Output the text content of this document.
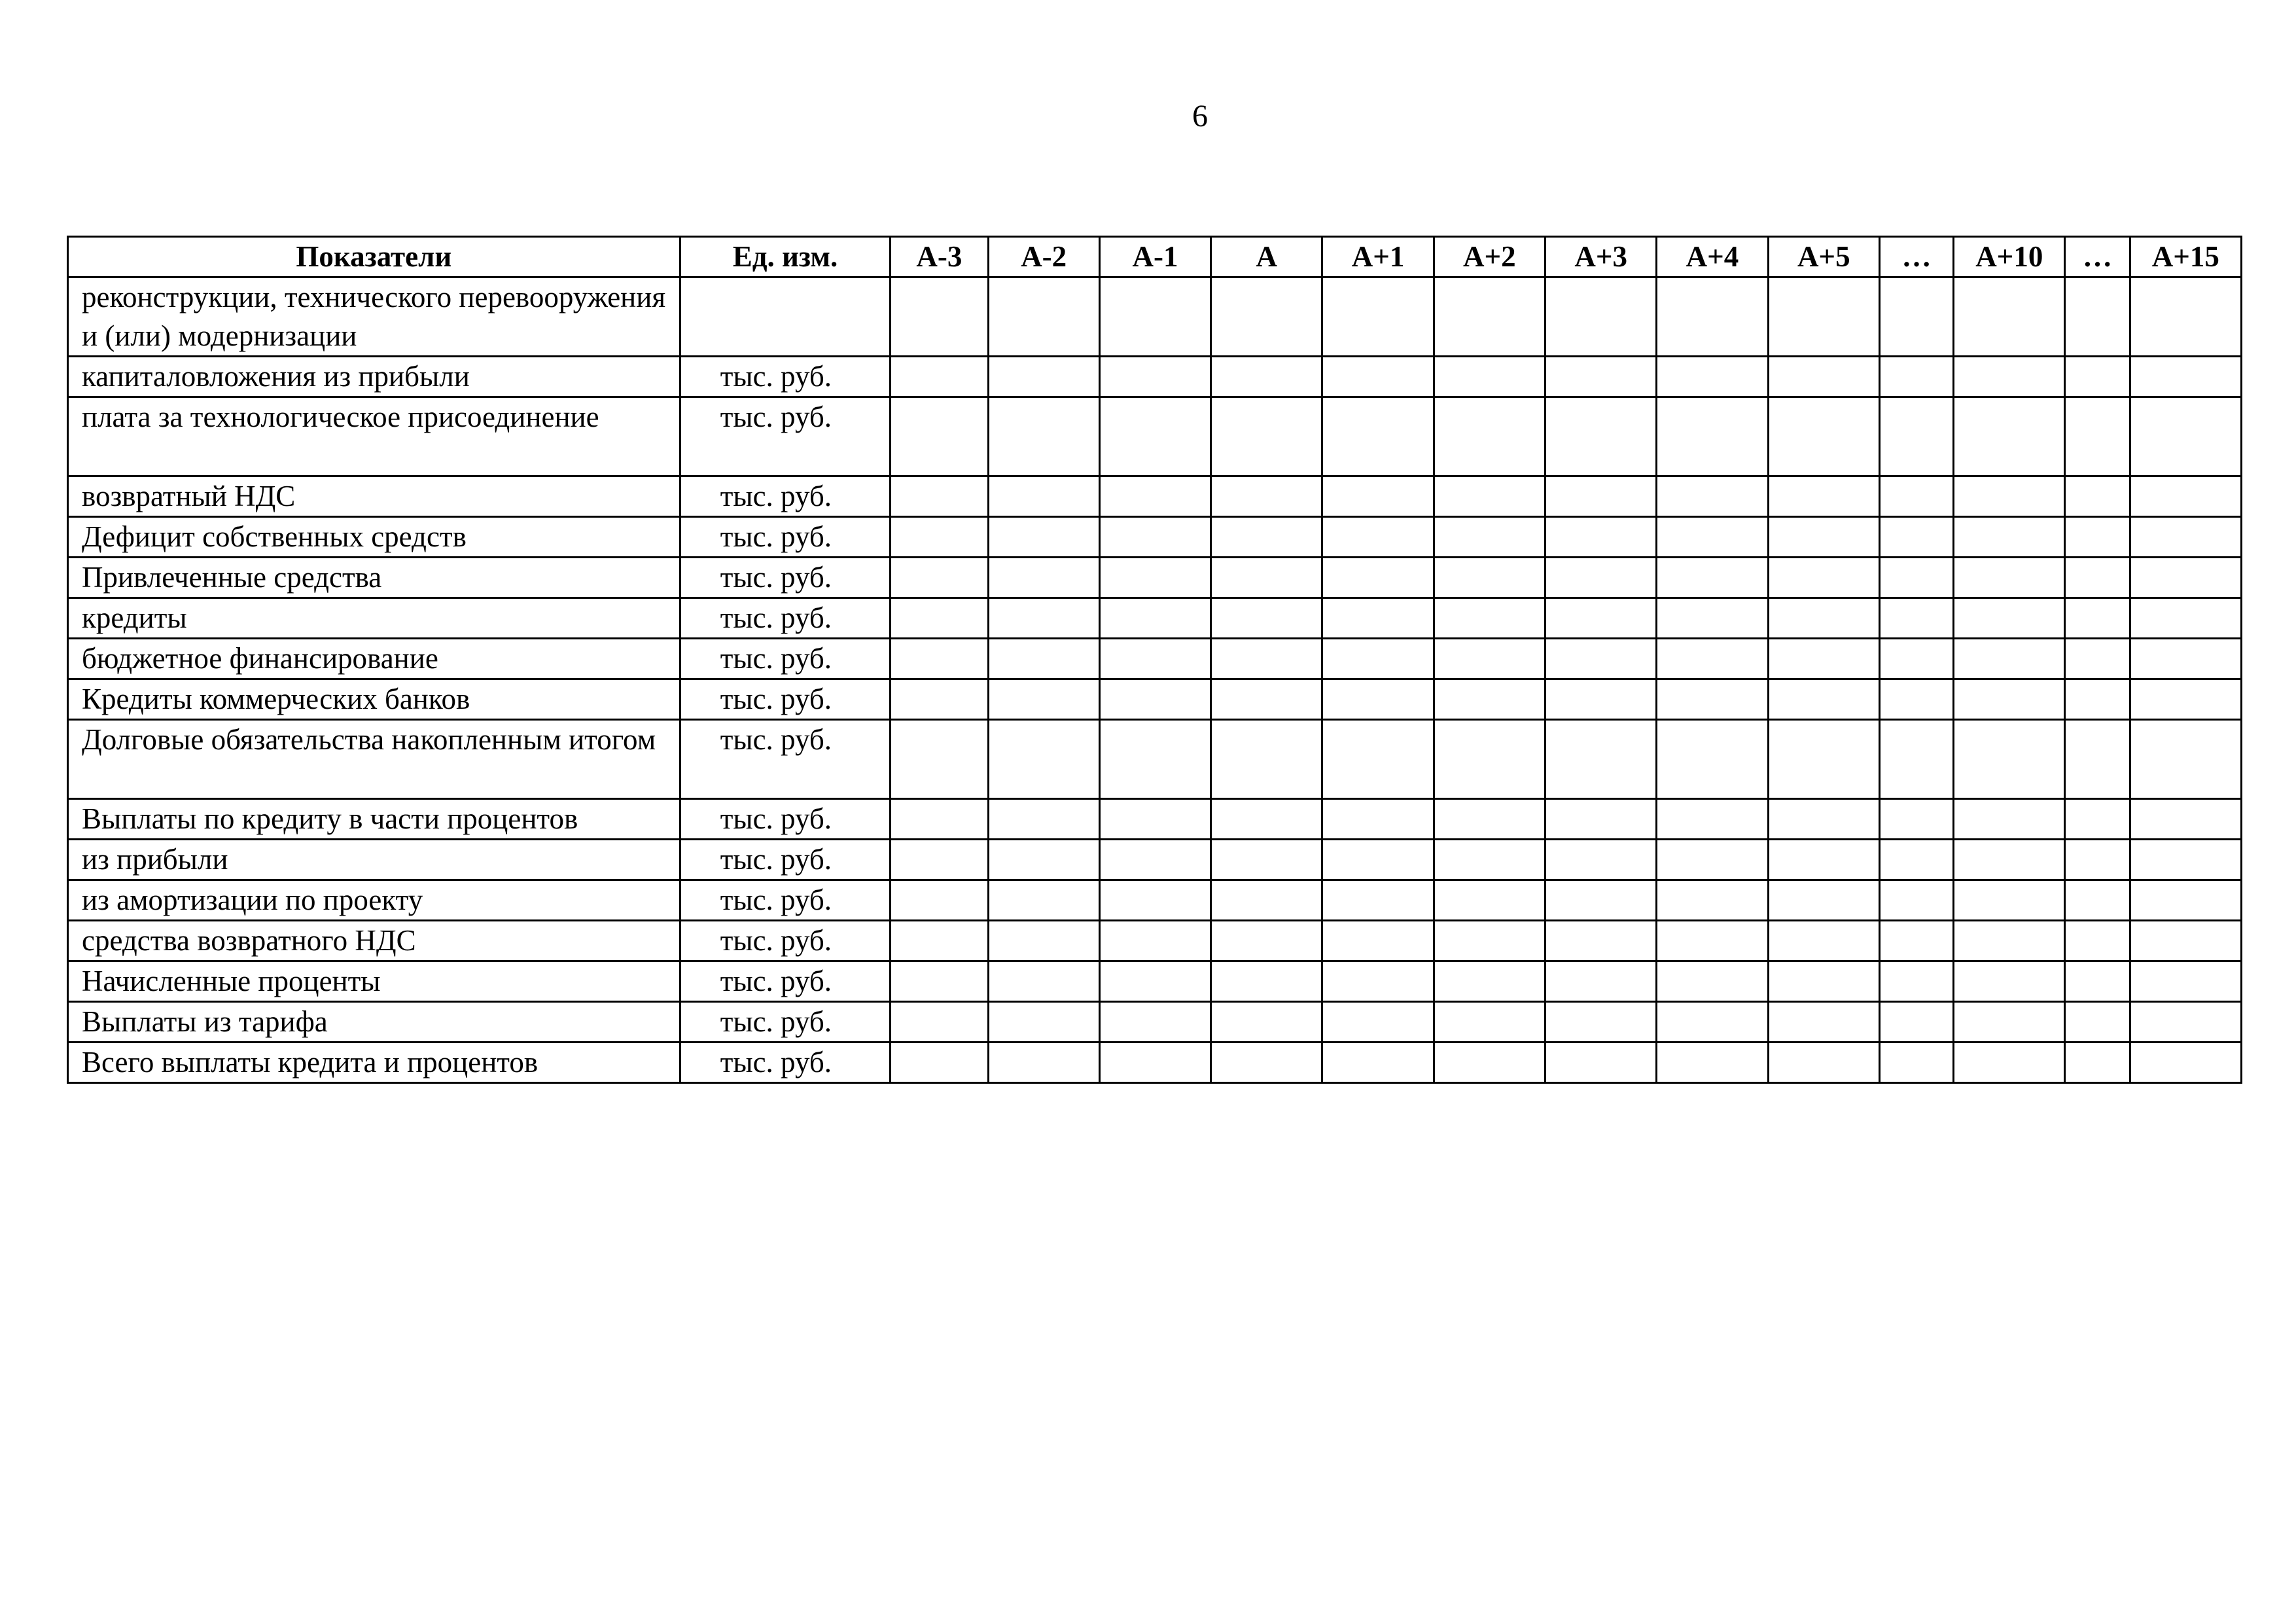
6
Показатели	Ед. изм.	А-3	А-2	А-1	А	А+1	А+2	А+3	А+4	А+5	…	А+10	…	А+15
реконструкции, технического перевооружения и (или) модернизации														
капиталовложения из прибыли	тыс. руб.													
плата за технологическое присоединение	тыс. руб.													
возвратный НДС	тыс. руб.													
Дефицит собственных средств	тыс. руб.													
Привлеченные средства	тыс. руб.													
кредиты	тыс. руб.													
бюджетное финансирование	тыс. руб.													
Кредиты коммерческих банков	тыс. руб.													
Долговые обязательства накопленным итогом	тыс. руб.													
Выплаты по кредиту в части процентов	тыс. руб.													
из прибыли	тыс. руб.													
из амортизации по проекту	тыс. руб.													
средства возвратного НДС	тыс. руб.													
Начисленные проценты	тыс. руб.													
Выплаты из тарифа	тыс. руб.													
Всего выплаты кредита и процентов	тыс. руб.													
